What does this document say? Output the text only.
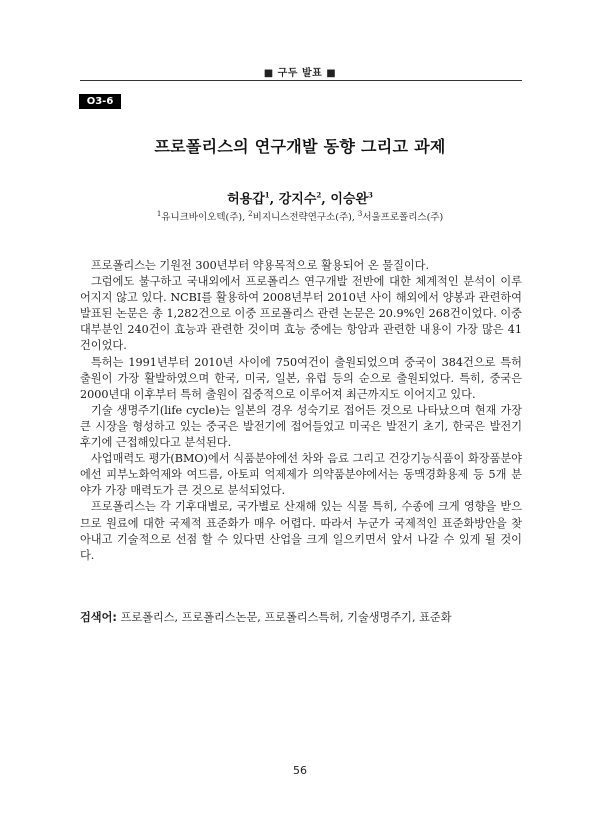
■ 구두 발표 ■
O3-6
프로폴리스의 연구개발 동향 그리고 과제
허용갑$^1$, 강지수$^2$, 이승완$^3$
$^1$유니크바이오텍(주), $^2$비지니스전략연구소(주), $^3$서울프로폴리스(주)

프로폴리스는 기원전 300년부터 약용목적으로 활용되어 온 물질이다.

그럼에도 불구하고 국내외에서 프로폴리스 연구개발 전반에 대한 체계적인 분석이 이루어지지 않고 있다. NCBI를 활용하여 2008년부터 2010년 사이 해외에서 양봉과 관련하여 발표된 논문은 총 1,282건으로 이중 프로폴리스 관련 논문은 20.9%인 268건이었다. 이중 대부분인 240건이 효능과 관련한 것이며 효능 중에는 항암과 관련한 내용이 가장 많은 41건이었다.

특허는 1991년부터 2010년 사이에 750여건이 출원되었으며 중국이 384건으로 특허 출원이 가장 활발하였으며 한국, 미국, 일본, 유럽 등의 순으로 출원되었다. 특히, 중국은 2000년대 이후부터 특허 출원이 집중적으로 이루어져 최근까지도 이어지고 있다.

기술 생명주기(life cycle)는 일본의 경우 성숙기로 접어든 것으로 나타났으며 현재 가장 큰 시장을 형성하고 있는 중국은 발전기에 접어들었고 미국은 발전기 초기, 한국은 발전기 후기에 근접해있다고 분석된다.

사업매력도 평가(BMO)에서 식품분야에선 차와 음료 그리고 건강기능식품이 화장품분야에선 피부노화억제와 여드름, 아토피 억제제가 의약품분야에서는 동맥경화용제 등 5개 분야가 가장 매력도가 큰 것으로 분석되었다.

프로폴리스는 각 기후대별로, 국가별로 산재해 있는 식물 특히, 수종에 크게 영향을 받으므로 원료에 대한 국제적 표준화가 매우 어렵다. 따라서 누군가 국제적인 표준화방안을 찾아내고 기술적으로 선점 할 수 있다면 산업을 크게 일으키면서 앞서 나갈 수 있게 될 것이다.

검색어: 프로폴리스, 프로폴리스논문, 프로폴리스특허, 기술생명주기, 표준화
56
